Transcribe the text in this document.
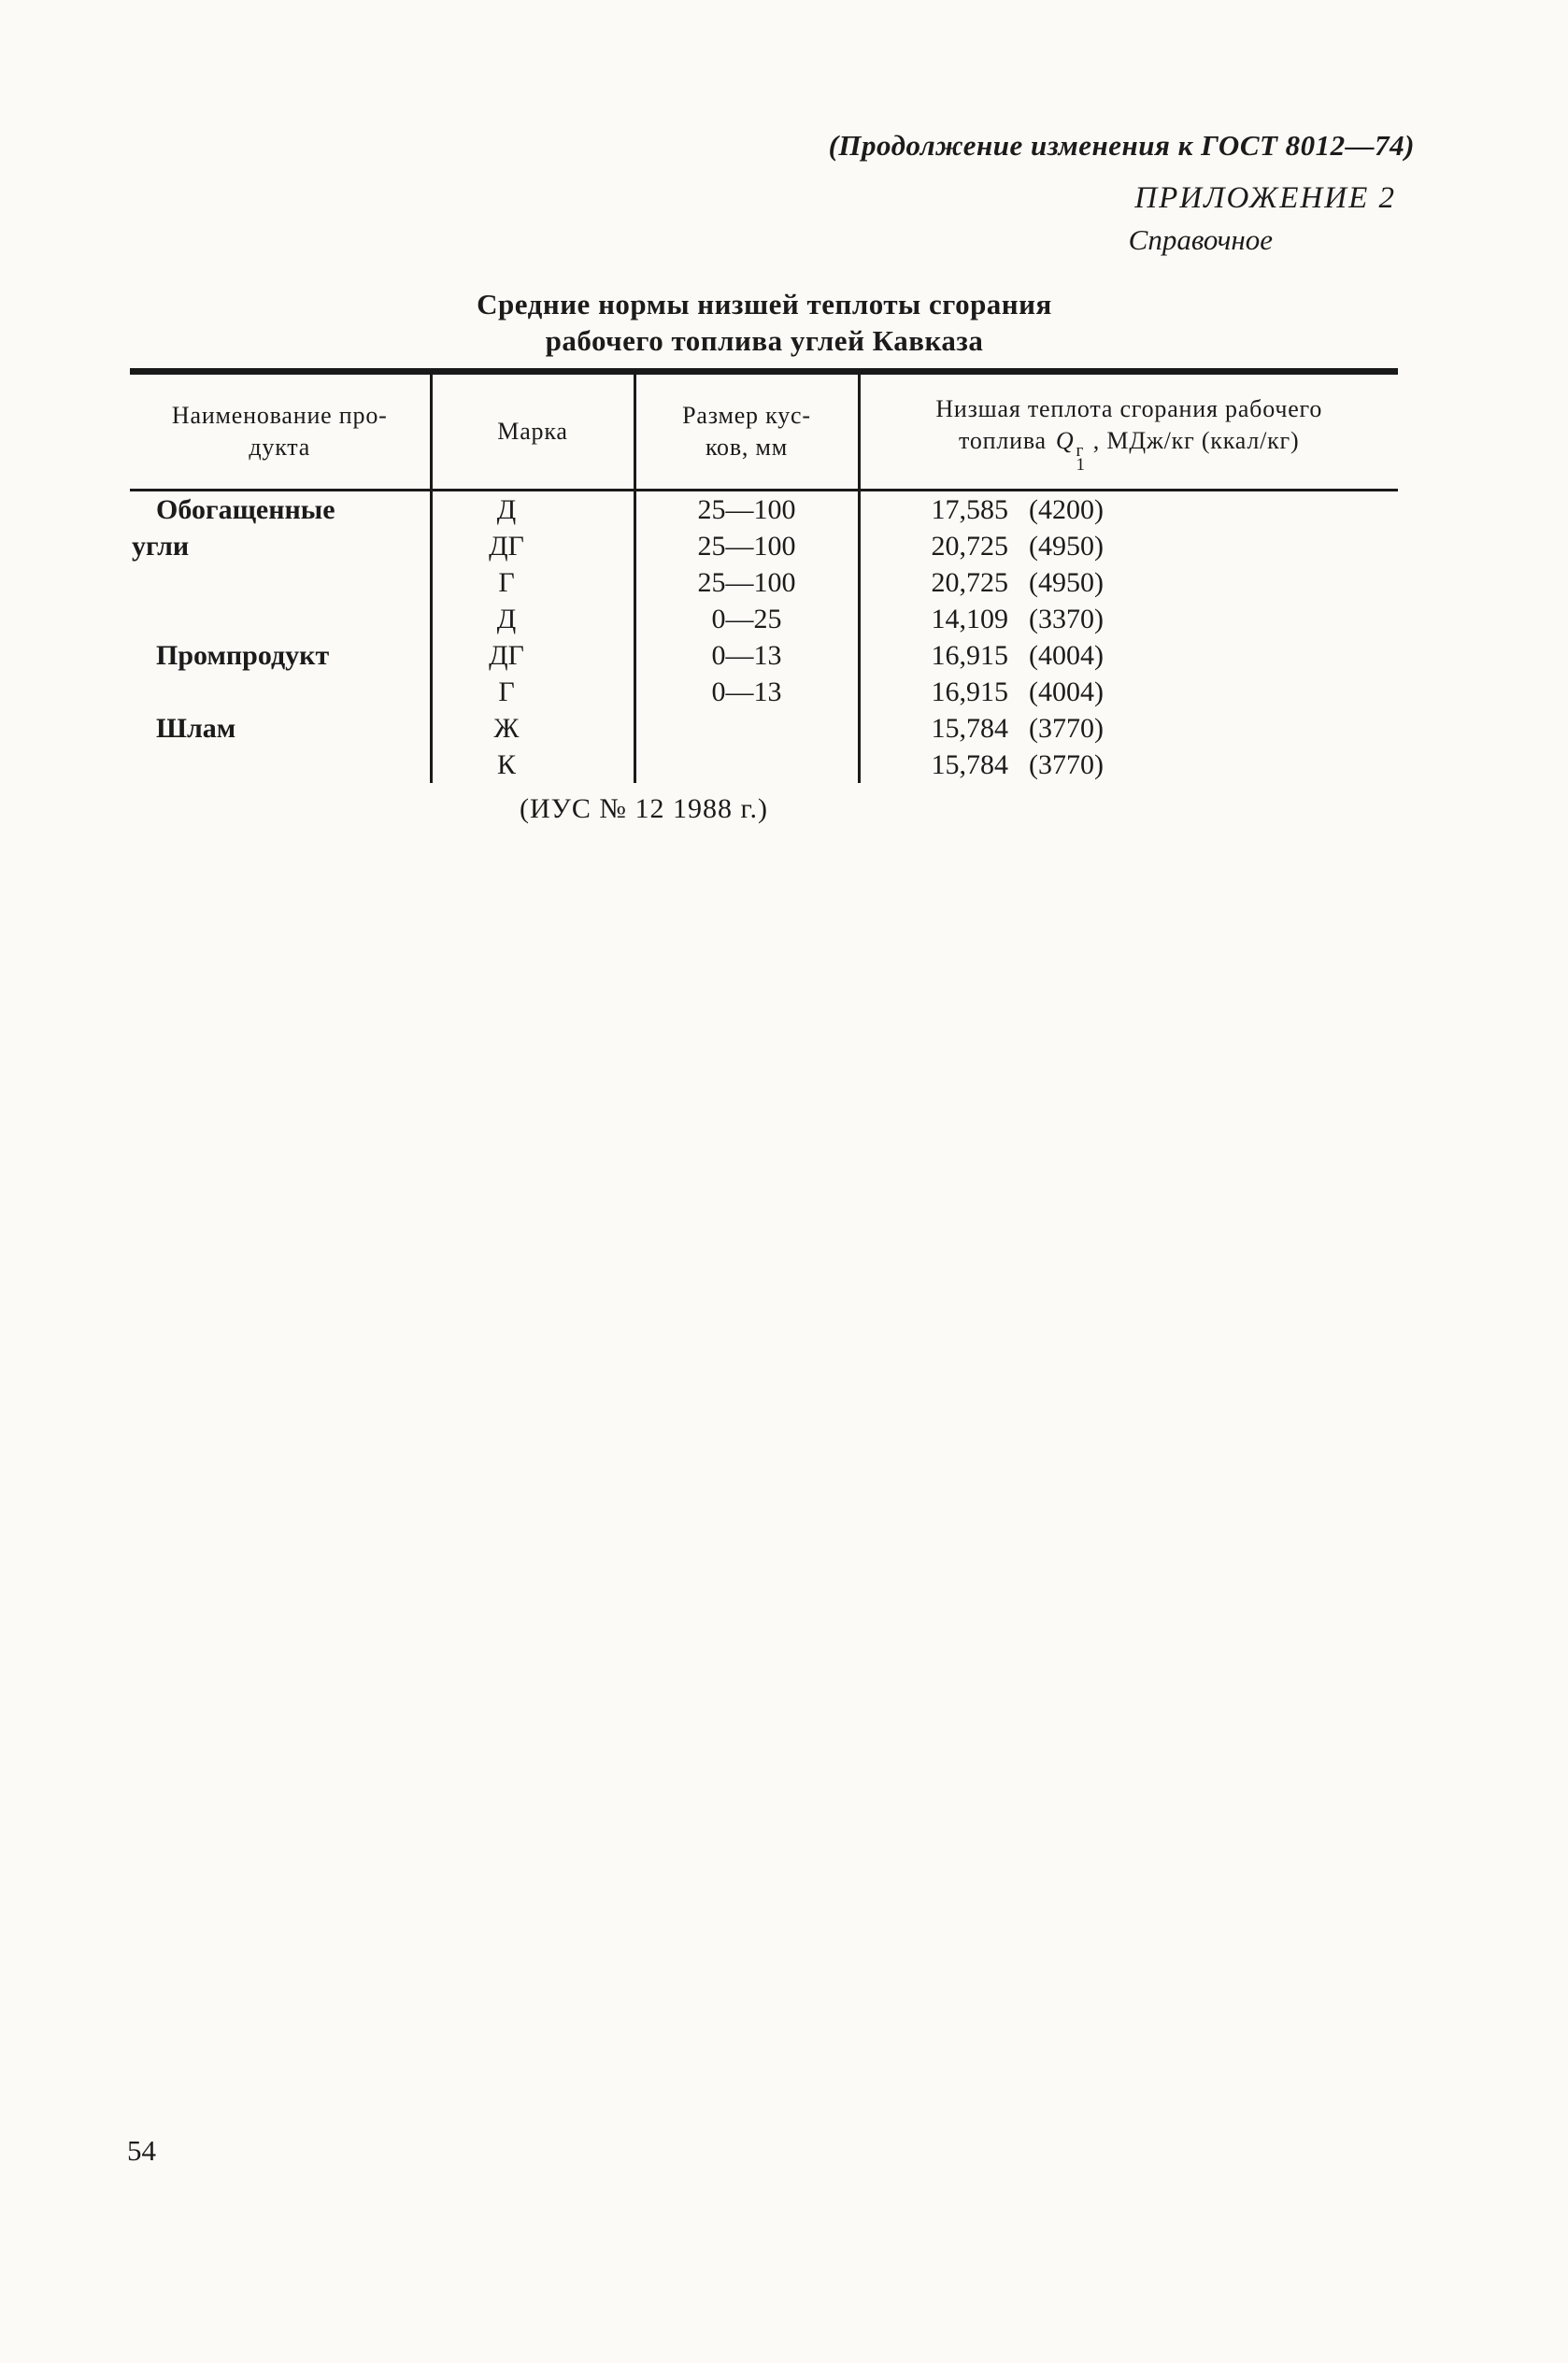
(Продолжение изменения к ГОСТ 8012—74)
ПРИЛОЖЕНИЕ 2
Справочное
Средние нормы низшей теплоты сгорания
рабочего топлива углей Кавказа
Наименование про-
дукта

Марка

Размер кус-
ков, мм

Низшая теплота сгорания рабочего
топлива Q г
1
, МДж/кг (ккал/кг)

Обогащенные	Д	25—100	17,585 (4200)
угли	ДГ	25—100	20,725 (4950)
	Г	25—100	20,725 (4950)
	Д	0—25	14,109 (3370)
Промпродукт	ДГ	0—13	16,915 (4004)
	Г	0—13	16,915 (4004)
Шлам	Ж		15,784 (3770)
	К		15,784 (3770)
(ИУС № 12 1988 г.)
54
